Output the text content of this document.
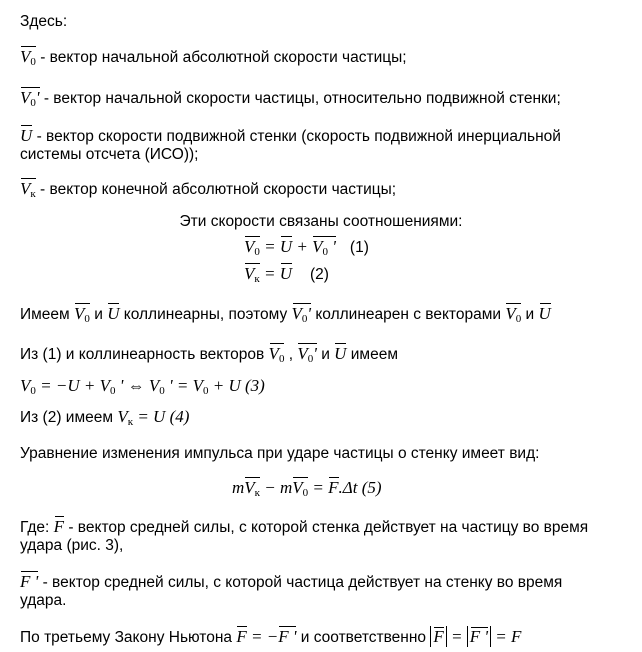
Здесь:
$V_0$ - вектор начальной абсолютной скорости частицы;
$V_0'$ - вектор начальной скорости частицы, относительно подвижной стенки;
U - вектор скорости подвижной стенки (скорость подвижной инерциальной
системы отсчета (ИСО));
$V_к$ - вектор конечной абсолютной скорости частицы;
Эти скорости связаны соотношениями:
$V_0 = U + V_0$ ' (1)
$V_к = U$ (2)
Имеем $V_0$ и U коллинеарны, поэтому $V_0'$ коллинеарен с векторами $V_0$ и U
Из (1) и коллинеарность векторов $V_0$ , $V_0'$ и U имеем
$V_0 = -U + V_0$ ' ⇔ $V_0$ ' = $V_0 + U$ (3)
Из (2) имеем $V_к = U$ (4)
Уравнение изменения импульса при ударе частицы о стенку имеет вид:
$mV_к - mV_0 = F.\Delta t$ (5)
Где: F - вектор средней силы, с которой стенка действует на частицу во время
удара (рис. 3),
F ' - вектор средней силы, с которой частица действует на стенку во время
удара.
По третьему Закону Ньютона F = −F ' и соответственно F = F ' = F
